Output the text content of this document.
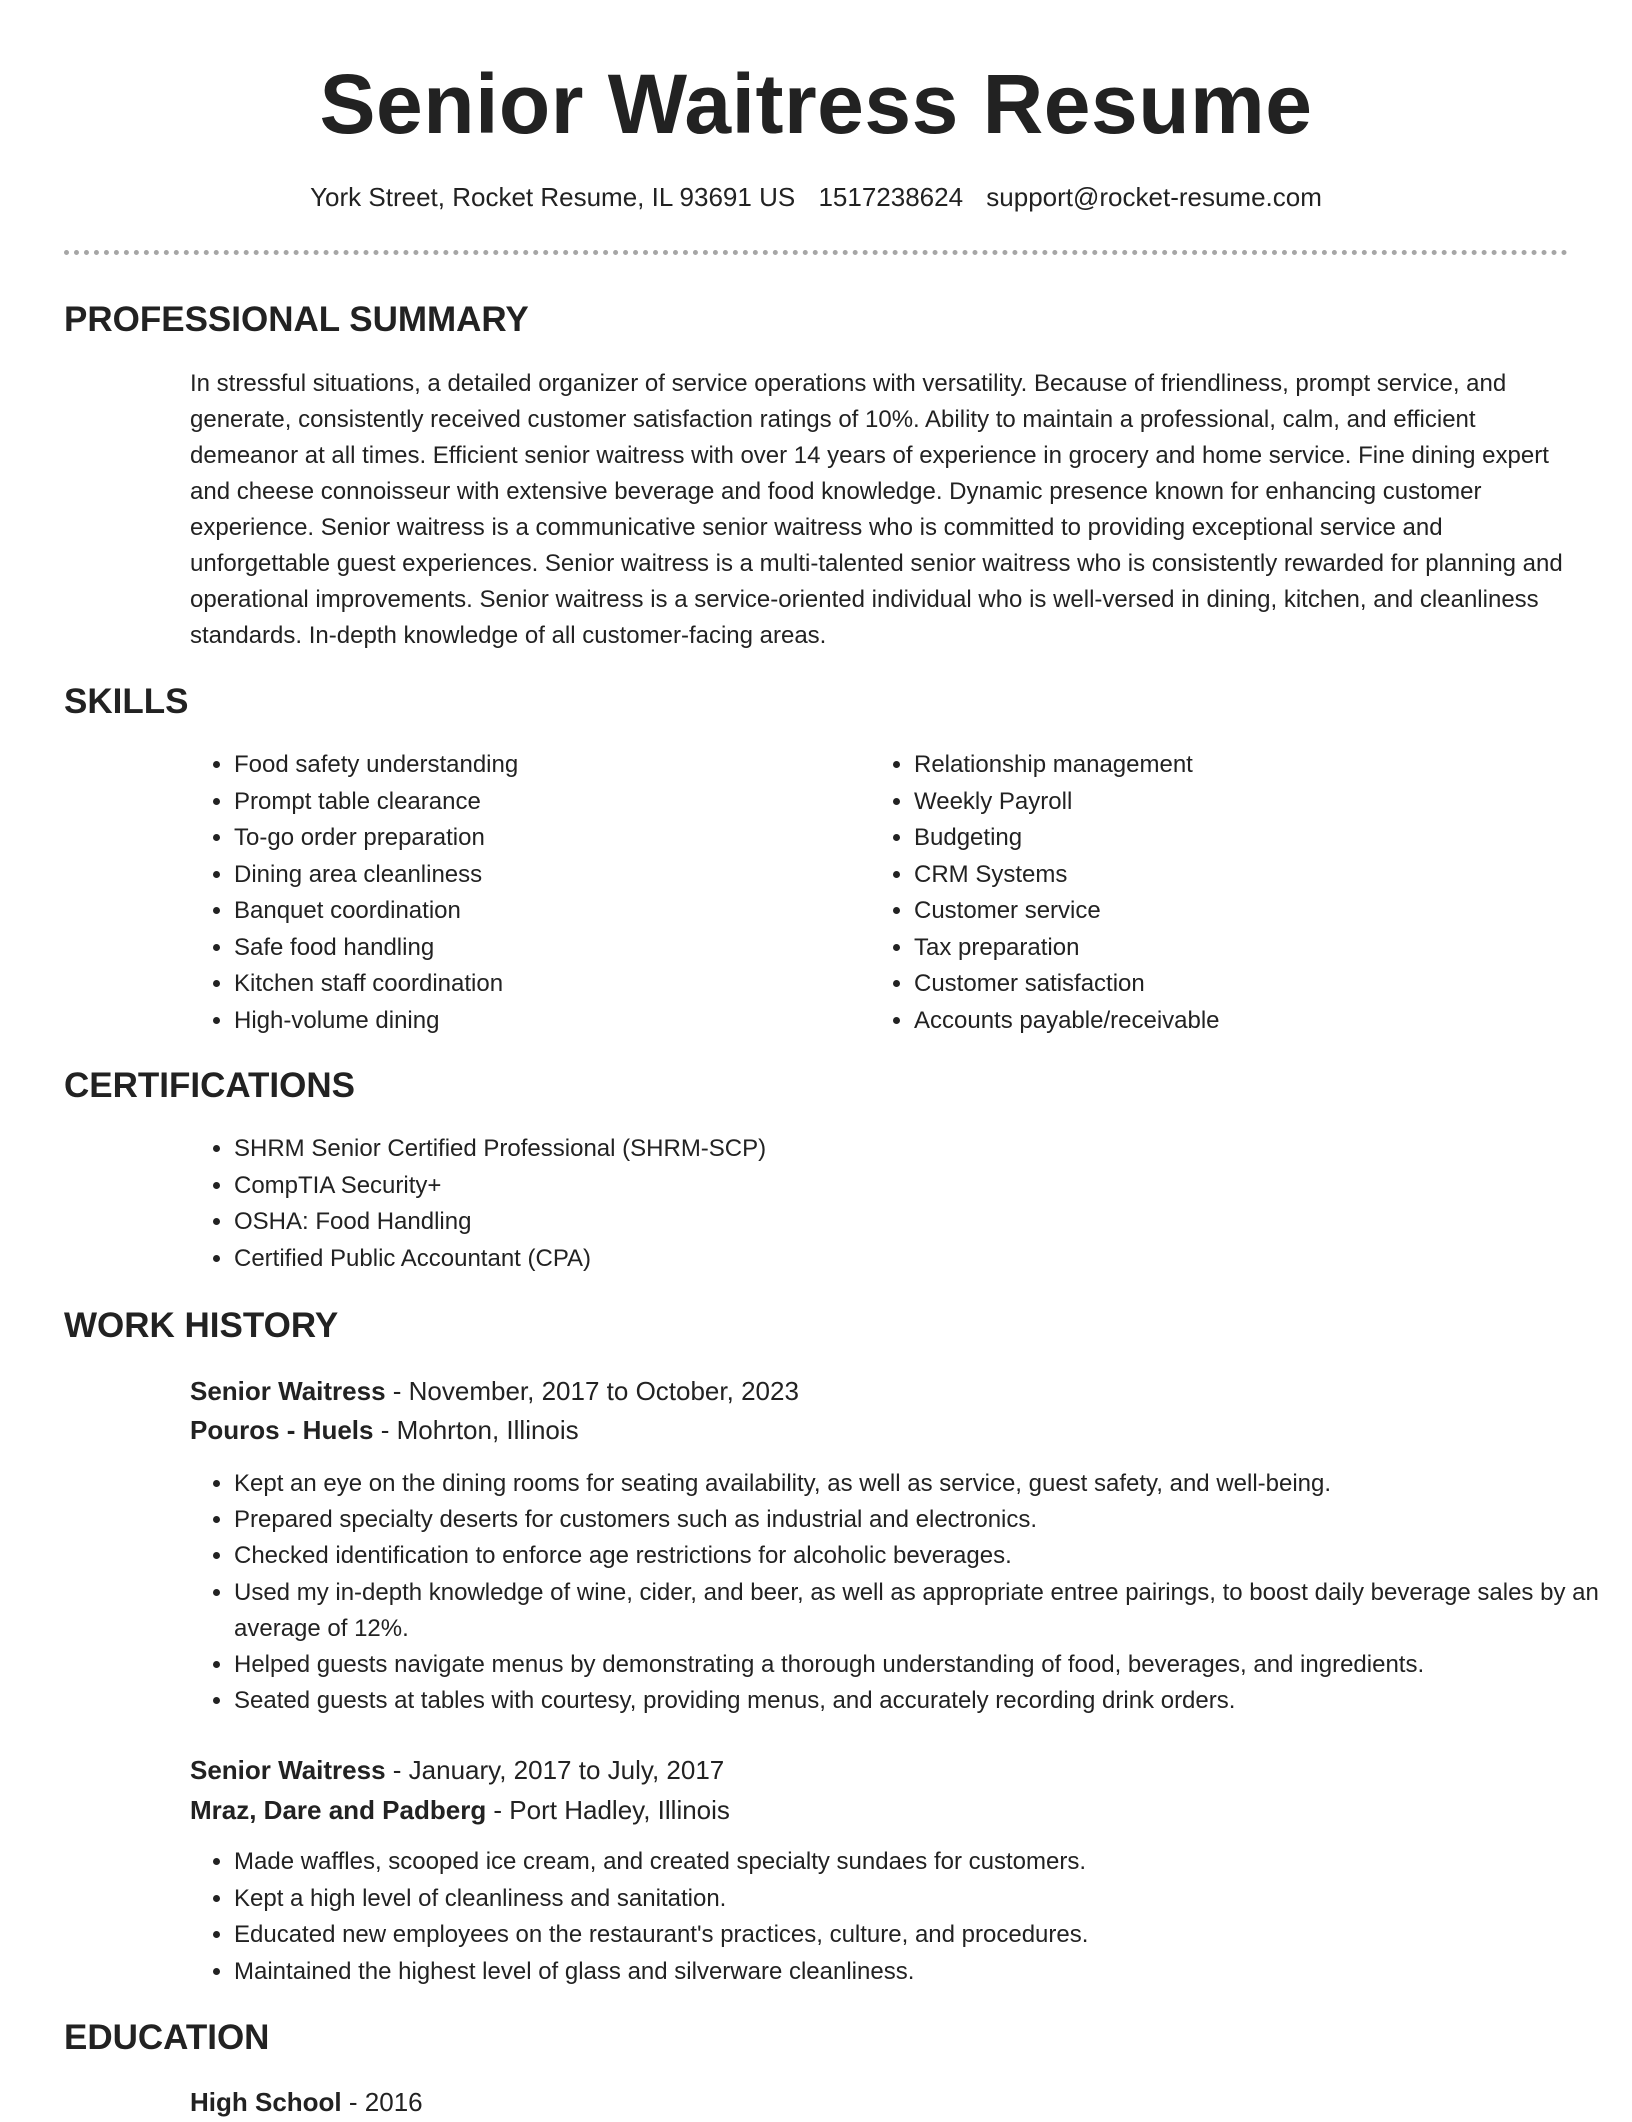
Senior Waitress Resume
York Street, Rocket Resume, IL 93691 US 1517238624 support@rocket-resume.com
PROFESSIONAL SUMMARY

In stressful situations, a detailed organizer of service operations with versatility. Because of friendliness, prompt service, and generate, consistently received customer satisfaction ratings of 10%. Ability to maintain a professional, calm, and efficient demeanor at all times. Efficient senior waitress with over 14 years of experience in grocery and home service. Fine dining expert and cheese connoisseur with extensive beverage and food knowledge. Dynamic presence known for enhancing customer experience. Senior waitress is a communicative senior waitress who is committed to providing exceptional service and unforgettable guest experiences. Senior waitress is a multi-talented senior waitress who is consistently rewarded for planning and operational improvements. Senior waitress is a service-oriented individual who is well-versed in dining, kitchen, and cleanliness standards. In-depth knowledge of all customer-facing areas.

SKILLS
• Food safety understanding
• Prompt table clearance
• To-go order preparation
• Dining area cleanliness
• Banquet coordination
• Safe food handling
• Kitchen staff coordination
• High-volume dining
• Relationship management
• Weekly Payroll
• Budgeting
• CRM Systems
• Customer service
• Tax preparation
• Customer satisfaction
• Accounts payable/receivable
CERTIFICATIONS
• SHRM Senior Certified Professional (SHRM-SCP)
• CompTIA Security+
• OSHA: Food Handling
• Certified Public Accountant (CPA)
WORK HISTORY
Senior Waitress - November, 2017 to October, 2023
Pouros - Huels - Mohrton, Illinois
• Kept an eye on the dining rooms for seating availability, as well as service, guest safety, and well-being.
• Prepared specialty deserts for customers such as industrial and electronics.
• Checked identification to enforce age restrictions for alcoholic beverages.
• Used my in-depth knowledge of wine, cider, and beer, as well as appropriate entree pairings, to boost daily beverage sales by an average of 12%.
• Helped guests navigate menus by demonstrating a thorough understanding of food, beverages, and ingredients.
• Seated guests at tables with courtesy, providing menus, and accurately recording drink orders.
Senior Waitress - January, 2017 to July, 2017
Mraz, Dare and Padberg - Port Hadley, Illinois
• Made waffles, scooped ice cream, and created specialty sundaes for customers.
• Kept a high level of cleanliness and sanitation.
• Educated new employees on the restaurant's practices, culture, and procedures.
• Maintained the highest level of glass and silverware cleanliness.
EDUCATION
High School - 2016
